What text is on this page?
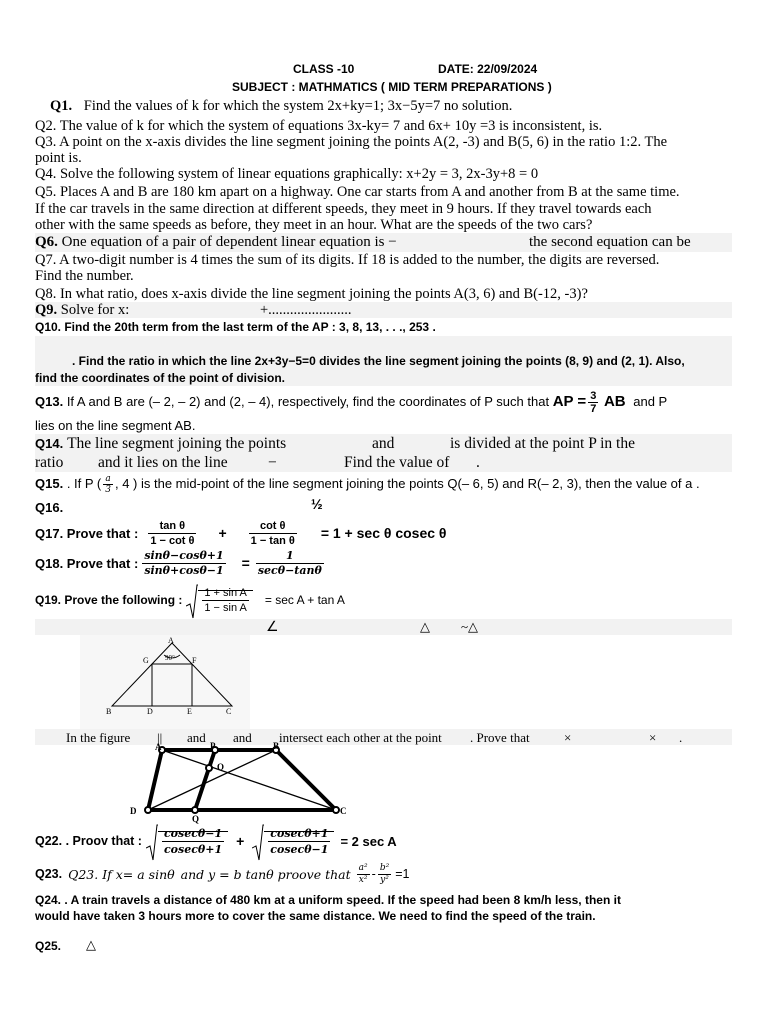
CLASS -10	DATE: 22/09/2024
SUBJECT : MATHMATICS ( MID TERM PREPARATIONS )
Q1. Find the values of k for which the system 2x+ky=1; 3x−5y=7 no solution.
Q2. The value of k for which the system of equations 3x-ky= 7 and 6x+ 10y =3 is inconsistent, is.
Q3. A point on the x-axis divides the line segment joining the points A(2, -3) and B(5, 6) in the ratio 1:2. The
point is.
Q4. Solve the following system of linear equations graphically: x+2y = 3, 2x-3y+8 = 0
Q5. Places A and B are 180 km apart on a highway. One car starts from A and another from B at the same time.
If the car travels in the same direction at different speeds, they meet in 9 hours. If they travel towards each
other with the same speeds as before, they meet in an hour. What are the speeds of the two cars?
Q6. One equation of a pair of dependent linear equation is −	the second equation can be
Q7. A two-digit number is 4 times the sum of its digits. If 18 is added to the number, the digits are reversed.
Find the number.
Q8. In what ratio, does x-axis divide the line segment joining the points A(3, 6) and B(-12, -3)?
Q9. Solve for x:	+.......................
Q10. Find the 20th term from the last term of the AP : 3, 8, 13, . . ., 253 .
. Find the ratio in which the line 2x+3y−5=0 divides the line segment joining the points (8, 9) and (2, 1). Also,
find the coordinates of the point of division.
Q13. If A and B are (– 2, – 2) and (2, – 4), respectively, find the coordinates of P such that AP = $\frac{3}{7}$ AB and P
lies on the line segment AB.
Q14. The line segment joining the points	and	is divided at the point P in the
ratio and it lies on the line	−	Find the value of .
Q15. . If P ( $\frac{a}{3}$ , 4 ) is the mid-point of the line segment joining the points Q(– 6, 5) and R(– 2, 3), then the value of a .
Q16.	½
Q17. Prove that : $\frac{\text{tan θ}}{\text{1 − cot θ}} + \frac{\text{cot θ}}{\text{1 − tan θ}} = 1 + \sec \theta$ cosec θ
Q18. Prove that : $\frac{\sin\theta-\cos\theta+1}{\sin\theta+\cos\theta-1} = \frac{1}{\sec\theta-\tan\theta}$
Q19. Prove the following : $\frac{\text{1 + sin A}}{\text{1 − sin A}} = \sec A + \tan A$
∠	△ ~△
A
G	F
90°
B	D	E	C
In the figure || and and intersect each other at the point . Prove that	×	× .
A	P	B
O
D
Q
C
Q22. . Proov that : $\frac{cosec\theta-1}{cosec\theta+1} + \frac{cosec\theta+1}{cosec\theta-1} = 2$ sec A
Q23. Q23. If x= a sinθ and y = b tanθ proove that $\frac{\text{a²}}{\text{x²}} - \frac{\text{b²}}{\text{y²}} =1$
Q24. . A train travels a distance of 480 km at a uniform speed. If the speed had been 8 km/h less, then it
would have taken 3 hours more to cover the same distance. We need to find the speed of the train.
Q25. △
